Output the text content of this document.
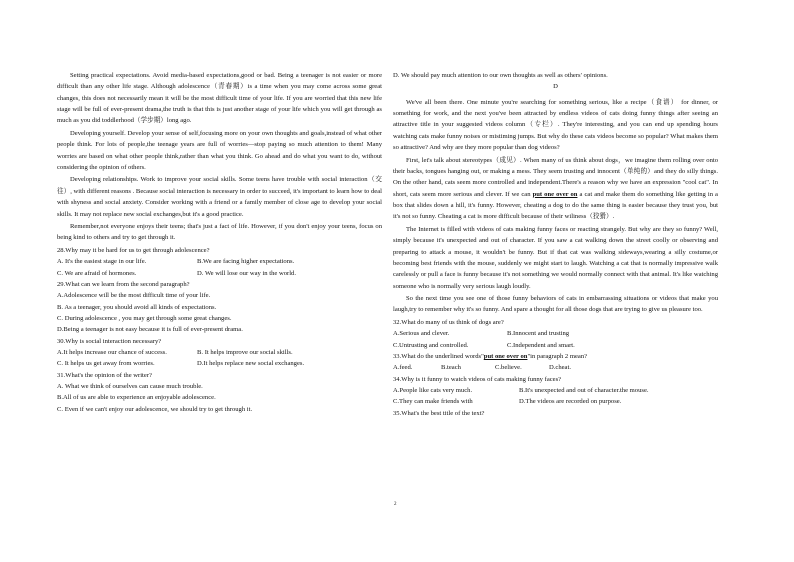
Setting practical expectations. Avoid media-based expectations,good or bad. Being a teenager is not easier or more difficult than any other life stage. Although adolescence（青春期）is a time when you may come across some great changes, this does not necessarily mean it will be the most difficult time of your life. If you are worried that this new life stage will be full of ever-present drama,the truth is that this is just another stage of your life which you will get through as much as you did toddlerhood（学步期）long ago.

Developing yourself. Develop your sense of self,focusing more on your own thoughts and goals,instead of what other people think. For lots of people,the teenage years are full of worries—stop paying so much attention to them! Many worries are based on what other people think,rather than what you think. Go ahead and do what you want to do, without considering the opinion of others.

Developing relationships. Work to improve your social skills. Some teens have trouble with social interaction（交往）, with different reasons . Because social interaction is necessary in order to succeed, it's important to learn how to deal with shyness and social anxiety. Consider working with a friend or a family member of close age to develop your social skills. It may not replace new social exchanges,but it's a good practice.

Remember,not everyone enjoys their teens; that's just a fact of life. However, if you don't enjoy your teens, focus on being kind to others and try to get through it.

28.Why may it be hard for us to get through adolescence?
A. It's the easiest stage in our life.	B.We are facing higher expectations.
C. We are afraid of hormones.	D. We will lose our way in the world.
29.What can we learn from the second paragraph?
A.Adolescence will be the most difficult time of your life.
B. As a teenager, you should avoid all kinds of expectations.
C. During adolescence , you may get through some great changes.
D.Being a teenager is not easy because it is full of ever-present drama.
30.Why is social interaction necessary?
A.It helps increase our chance of success.	B. It helps improve our social skills.
C. It helps us get away from worries.	D.It helps replace new social exchanges.
31.What's the opinion of the writer?
A. What we think of ourselves can cause much trouble.
B.All of us are able to experience an enjoyable adolescence.
C. Even if we can't enjoy our adolescence, we should try to get through it.
D. We should pay much attention to our own thoughts as well as others' opinions.
D

We've all been there. One minute you're searching for something serious, like a recipe（食谱） for dinner, or something for work, and the next you've been attracted by endless videos of cats doing funny things after seeing an attractive title in your suggested videos column（专栏）. They're interesting, and you can end up spending hours watching cats make funny noises or mistiming jumps. But why do these cats videos become so popular? What makes them so attractive? And why are they more popular than dog videos?

First, let's talk about stereotypes（成见）. When many of us think about dogs，we imagine them rolling over onto their backs, tongues hanging out, or making a mess. They seem trusting and innocent（单纯的）and they do silly things. On the other hand, cats seem more controlled and independent.There's a reason why we have an expression "cool cat". In short, cats seem more serious and clever. If we can put one over on a cat and make them do something like getting in a box that slides down a hill, it's funny. However, cheating a dog to do the same thing is easier because they trust you, but it's not so funny. Cheating a cat is more difficult because of their wiliness（狡猾）.

The Internet is filled with videos of cats making funny faces or reacting strangely. But why are they so funny? Well, simply because it's unexpected and out of character. If you saw a cat walking down the street coolly or observing and preparing to attack a mouse, it wouldn't be funny. But if that cat was walking sideways,wearing a silly costume,or becoming best friends with the mouse, suddenly we might start to laugh. Watching a cat that is normally impressive walk carelessly or pull a face is funny because it's not something we would normally connect with that animal. It's like watching someone who is normally very serious laugh loudly.

So the next time you see one of those funny behaviors of cats in embarrassing situations or videos that make you laugh,try to remember why it's so funny. And spare a thought for all those dogs that are trying to give us pleasure too.

32.What do many of us think of dogs are?
A.Serious and clever.	B.Innocent and trusting
C.Untrusting and controlled.	C.Independent and smart.
33.What do the underlined words"put one over on"in paragraph 2 mean?
A.feed.	B.teach	C.believe.	D.cheat.
34.Why is it funny to watch videos of cats making funny faces?
A.People like cats very much.	B.It's unexpected and out of character.the mouse.
C.They can make friends with	D.The videos are recorded on purpose.
35.What's the best title of the text?
2
